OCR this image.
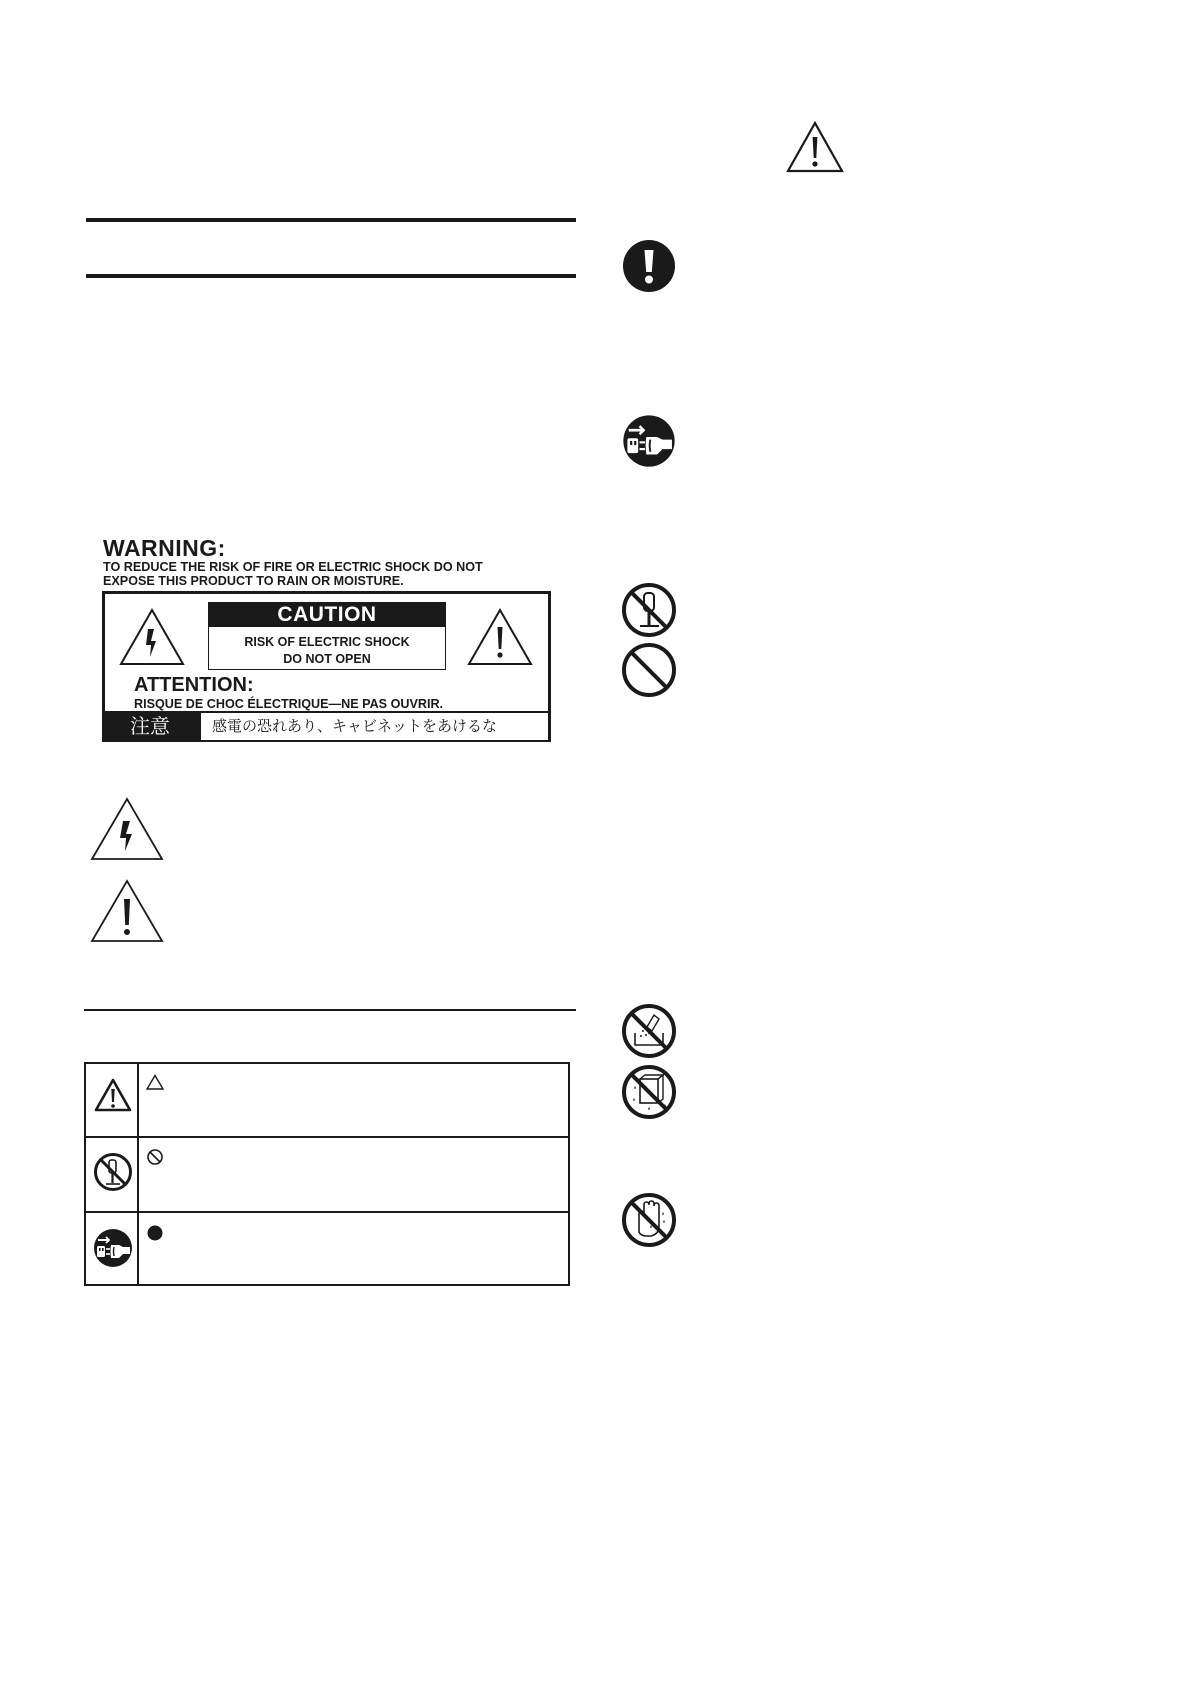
WARNING:
TO REDUCE THE RISK OF FIRE OR ELECTRIC SHOCK DO NOT
EXPOSE THIS PRODUCT TO RAIN OR MOISTURE.
CAUTION
RISK OF ELECTRIC SHOCK
DO NOT OPEN
ATTENTION:
RISQUE DE CHOC ÉLECTRIQUE—NE PAS OUVRIR.
注意	感電の恐れあり、キャビネットをあけるな
